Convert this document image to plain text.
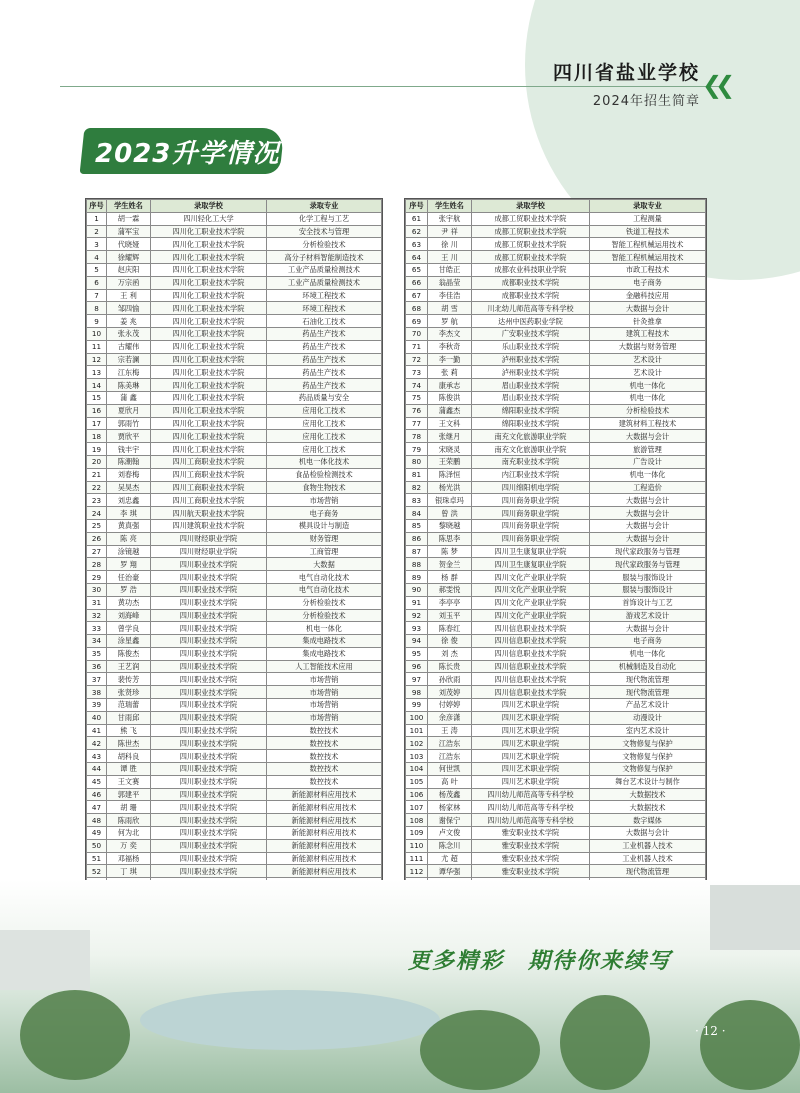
四川省盐业学校
2024年招生简章
❮❮
2023升学情况
序号	学生姓名	录取学校	录取专业
1	胡一霖	四川轻化工大学	化学工程与工艺
2	蒲军宝	四川化工职业技术学院	安全技术与管理
3	代晓娅	四川化工职业技术学院	分析检验技术
4	徐耀辉	四川化工职业技术学院	高分子材料智能制造技术
5	赵庆阳	四川化工职业技术学院	工业产品质量检测技术
6	万宗函	四川化工职业技术学院	工业产品质量检测技术
7	王 利	四川化工职业技术学院	环境工程技术
8	邹四愉	四川化工职业技术学院	环境工程技术
9	姜 兆	四川化工职业技术学院	石油化工技术
10	张永茂	四川化工职业技术学院	药品生产技术
11	古耀伟	四川化工职业技术学院	药品生产技术
12	宗若澜	四川化工职业技术学院	药品生产技术
13	江东梅	四川化工职业技术学院	药品生产技术
14	陈美琳	四川化工职业技术学院	药品生产技术
15	蒲 鑫	四川化工职业技术学院	药品质量与安全
16	夏欣月	四川化工职业技术学院	应用化工技术
17	郭雨竹	四川化工职业技术学院	应用化工技术
18	贾欣平	四川化工职业技术学院	应用化工技术
19	钱丰宇	四川化工职业技术学院	应用化工技术
20	陈潮翰	四川工商职业技术学院	机电一体化技术
21	刘春梅	四川工商职业技术学院	食品检验检测技术
22	吴昊杰	四川工商职业技术学院	食物生物技术
23	刘忠鑫	四川工商职业技术学院	市场营销
24	李 琪	四川航天职业技术学院	电子商务
25	黄真强	四川建筑职业技术学院	模具设计与制造
26	陈 亮	四川财经职业学院	财务管理
27	涂镜越	四川财经职业学院	工商管理
28	罗 翔	四川职业技术学院	大数据
29	任治豪	四川职业技术学院	电气自动化技术
30	罗 浩	四川职业技术学院	电气自动化技术
31	黄功杰	四川职业技术学院	分析检验技术
32	刘海峰	四川职业技术学院	分析检验技术
33	曾学良	四川职业技术学院	机电一体化
34	涂星鑫	四川职业技术学院	集成电路技术
35	陈俊杰	四川职业技术学院	集成电路技术
36	王艺润	四川职业技术学院	人工智能技术应用
37	裴传芳	四川职业技术学院	市场营销
38	张贤珍	四川职业技术学院	市场营销
39	范瑞蕾	四川职业技术学院	市场营销
40	甘雨邱	四川职业技术学院	市场营销
41	熊 飞	四川职业技术学院	数控技术
42	陈世杰	四川职业技术学院	数控技术
43	胡科良	四川职业技术学院	数控技术
44	谭 胜	四川职业技术学院	数控技术
45	王文赛	四川职业技术学院	数控技术
46	郭建平	四川职业技术学院	新能源材料应用技术
47	胡 珊	四川职业技术学院	新能源材料应用技术
48	陈雨欣	四川职业技术学院	新能源材料应用技术
49	何为北	四川职业技术学院	新能源材料应用技术
50	万 奕	四川职业技术学院	新能源材料应用技术
51	邓福杨	四川职业技术学院	新能源材料应用技术
52	丁 琪	四川职业技术学院	新能源材料应用技术

序号	学生姓名	录取学校	录取专业
61	张宇航	成都工贸职业技术学院	工程测量
62	尹 祥	成都工贸职业技术学院	铁道工程技术
63	徐 川	成都工贸职业技术学院	智能工程机械运用技术
64	王 川	成都工贸职业技术学院	智能工程机械运用技术
65	甘皓正	成都农业科技职业学院	市政工程技术
66	翁晶莹	成都职业技术学院	电子商务
67	李佳浩	成都职业技术学院	金融科技应用
68	胡 雪	川北幼儿师范高等专科学校	大数据与会计
69	罗 航	达州中医药职业学院	针灸推拿
70	李杰文	广安职业技术学院	建筑工程技术
71	李秋奇	乐山职业技术学院	大数据与财务管理
72	李一勤	泸州职业技术学院	艺术设计
73	张 莉	泸州职业技术学院	艺术设计
74	康承志	眉山职业技术学院	机电一体化
75	陈俊洪	眉山职业技术学院	机电一体化
76	蒲鑫杰	绵阳职业技术学院	分析检验技术
77	王文科	绵阳职业技术学院	建筑材料工程技术
78	张继月	南充文化旅游职业学院	大数据与会计
79	宋晓灵	南充文化旅游职业学院	旅游管理
80	王荣鹏	南充职业技术学院	广告设计
81	陈泽恒	内江职业技术学院	机电一体化
82	杨光洪	四川绵阳机电学院	工程造价
83	银珠卓玛	四川商务职业学院	大数据与会计
84	曾 洪	四川商务职业学院	大数据与会计
85	黎晓越	四川商务职业学院	大数据与会计
86	陈思李	四川商务职业学院	大数据与会计
87	陈 梦	四川卫生康复职业学院	现代家政服务与管理
88	贺金兰	四川卫生康复职业学院	现代家政服务与管理
89	杨 群	四川文化产业职业学院	服装与服饰设计
90	郝雯悦	四川文化产业职业学院	服装与服饰设计
91	李亭亭	四川文化产业职业学院	首饰设计与工艺
92	刘玉平	四川文化产业职业学院	游戏艺术设计
93	陈春红	四川信息职业技术学院	大数据与会计
94	徐 俊	四川信息职业技术学院	电子商务
95	刘 杰	四川信息职业技术学院	机电一体化
96	陈长贵	四川信息职业技术学院	机械制造及自动化
97	孙欣雨	四川信息职业技术学院	现代物流管理
98	刘茂婷	四川信息职业技术学院	现代物流管理
99	付婷婷	四川艺术职业学院	产品艺术设计
100	余彦潇	四川艺术职业学院	动漫设计
101	王 涛	四川艺术职业学院	室内艺术设计
102	江浩东	四川艺术职业学院	文物修复与保护
103	江浩东	四川艺术职业学院	文物修复与保护
104	何世凯	四川艺术职业学院	文物修复与保护
105	高 叶	四川艺术职业学院	舞台艺术设计与制作
106	杨茂鑫	四川幼儿师范高等专科学校	大数据技术
107	杨家林	四川幼儿师范高等专科学校	大数据技术
108	谢保宁	四川幼儿师范高等专科学校	数字媒体
109	卢文俊	雅安职业技术学院	大数据与会计
110	陈念川	雅安职业技术学院	工业机器人技术
111	尤 超	雅安职业技术学院	工业机器人技术
112	谭华强	雅安职业技术学院	现代物流管理

更多精彩　期待你来续写
· 12 ·
